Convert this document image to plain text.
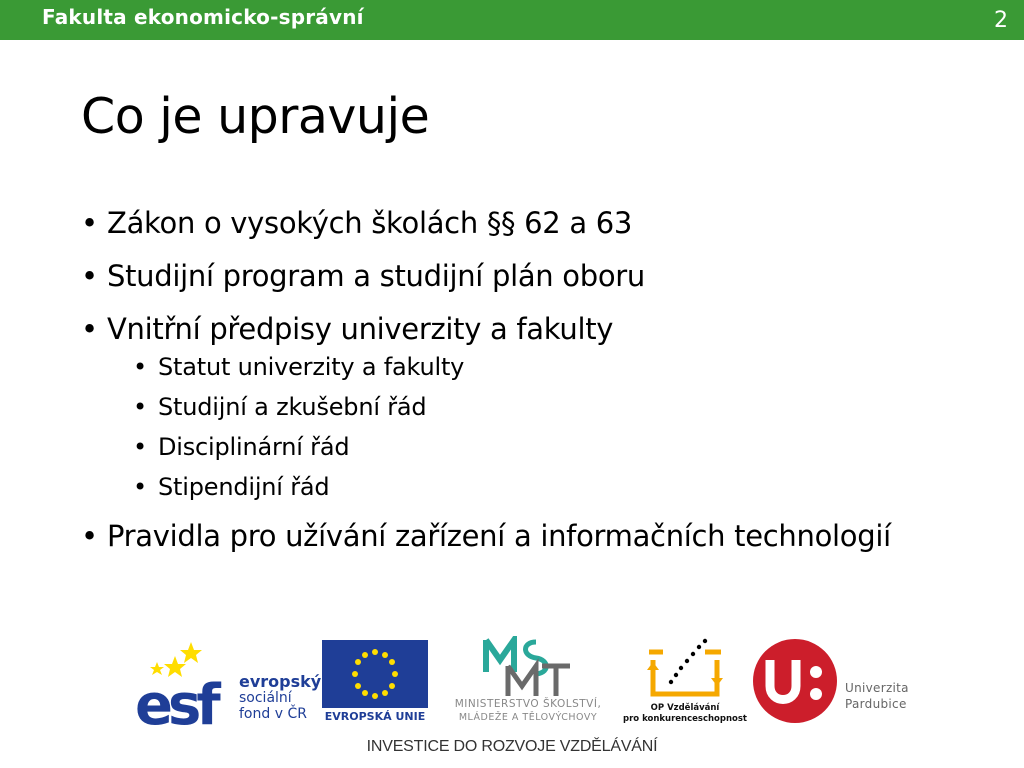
Fakulta ekonomicko-správní	2
Co je upravuje
• Zákon o vysokých školách §§ 62 a 63
• Studijní program a studijní plán oboru
• Vnitřní předpisy univerzity a fakulty
• Statut univerzity a fakulty
• Studijní a zkušební řád
• Disciplinární řád
• Stipendijní řád
• Pravidla pro užívání zařízení a informačních technologií
esf	evropský
sociální
fond v ČR	EVROPSKÁ UNIE
MINISTERSTVO ŠKOLSTVÍ,
MLÁDEŽE A TĚLOVÝCHOVY
OP Vzdělávání
pro konkurenceschopnost
Univerzita
Pardubice
INVESTICE DO ROZVOJE VZDĚLÁVÁNÍ
